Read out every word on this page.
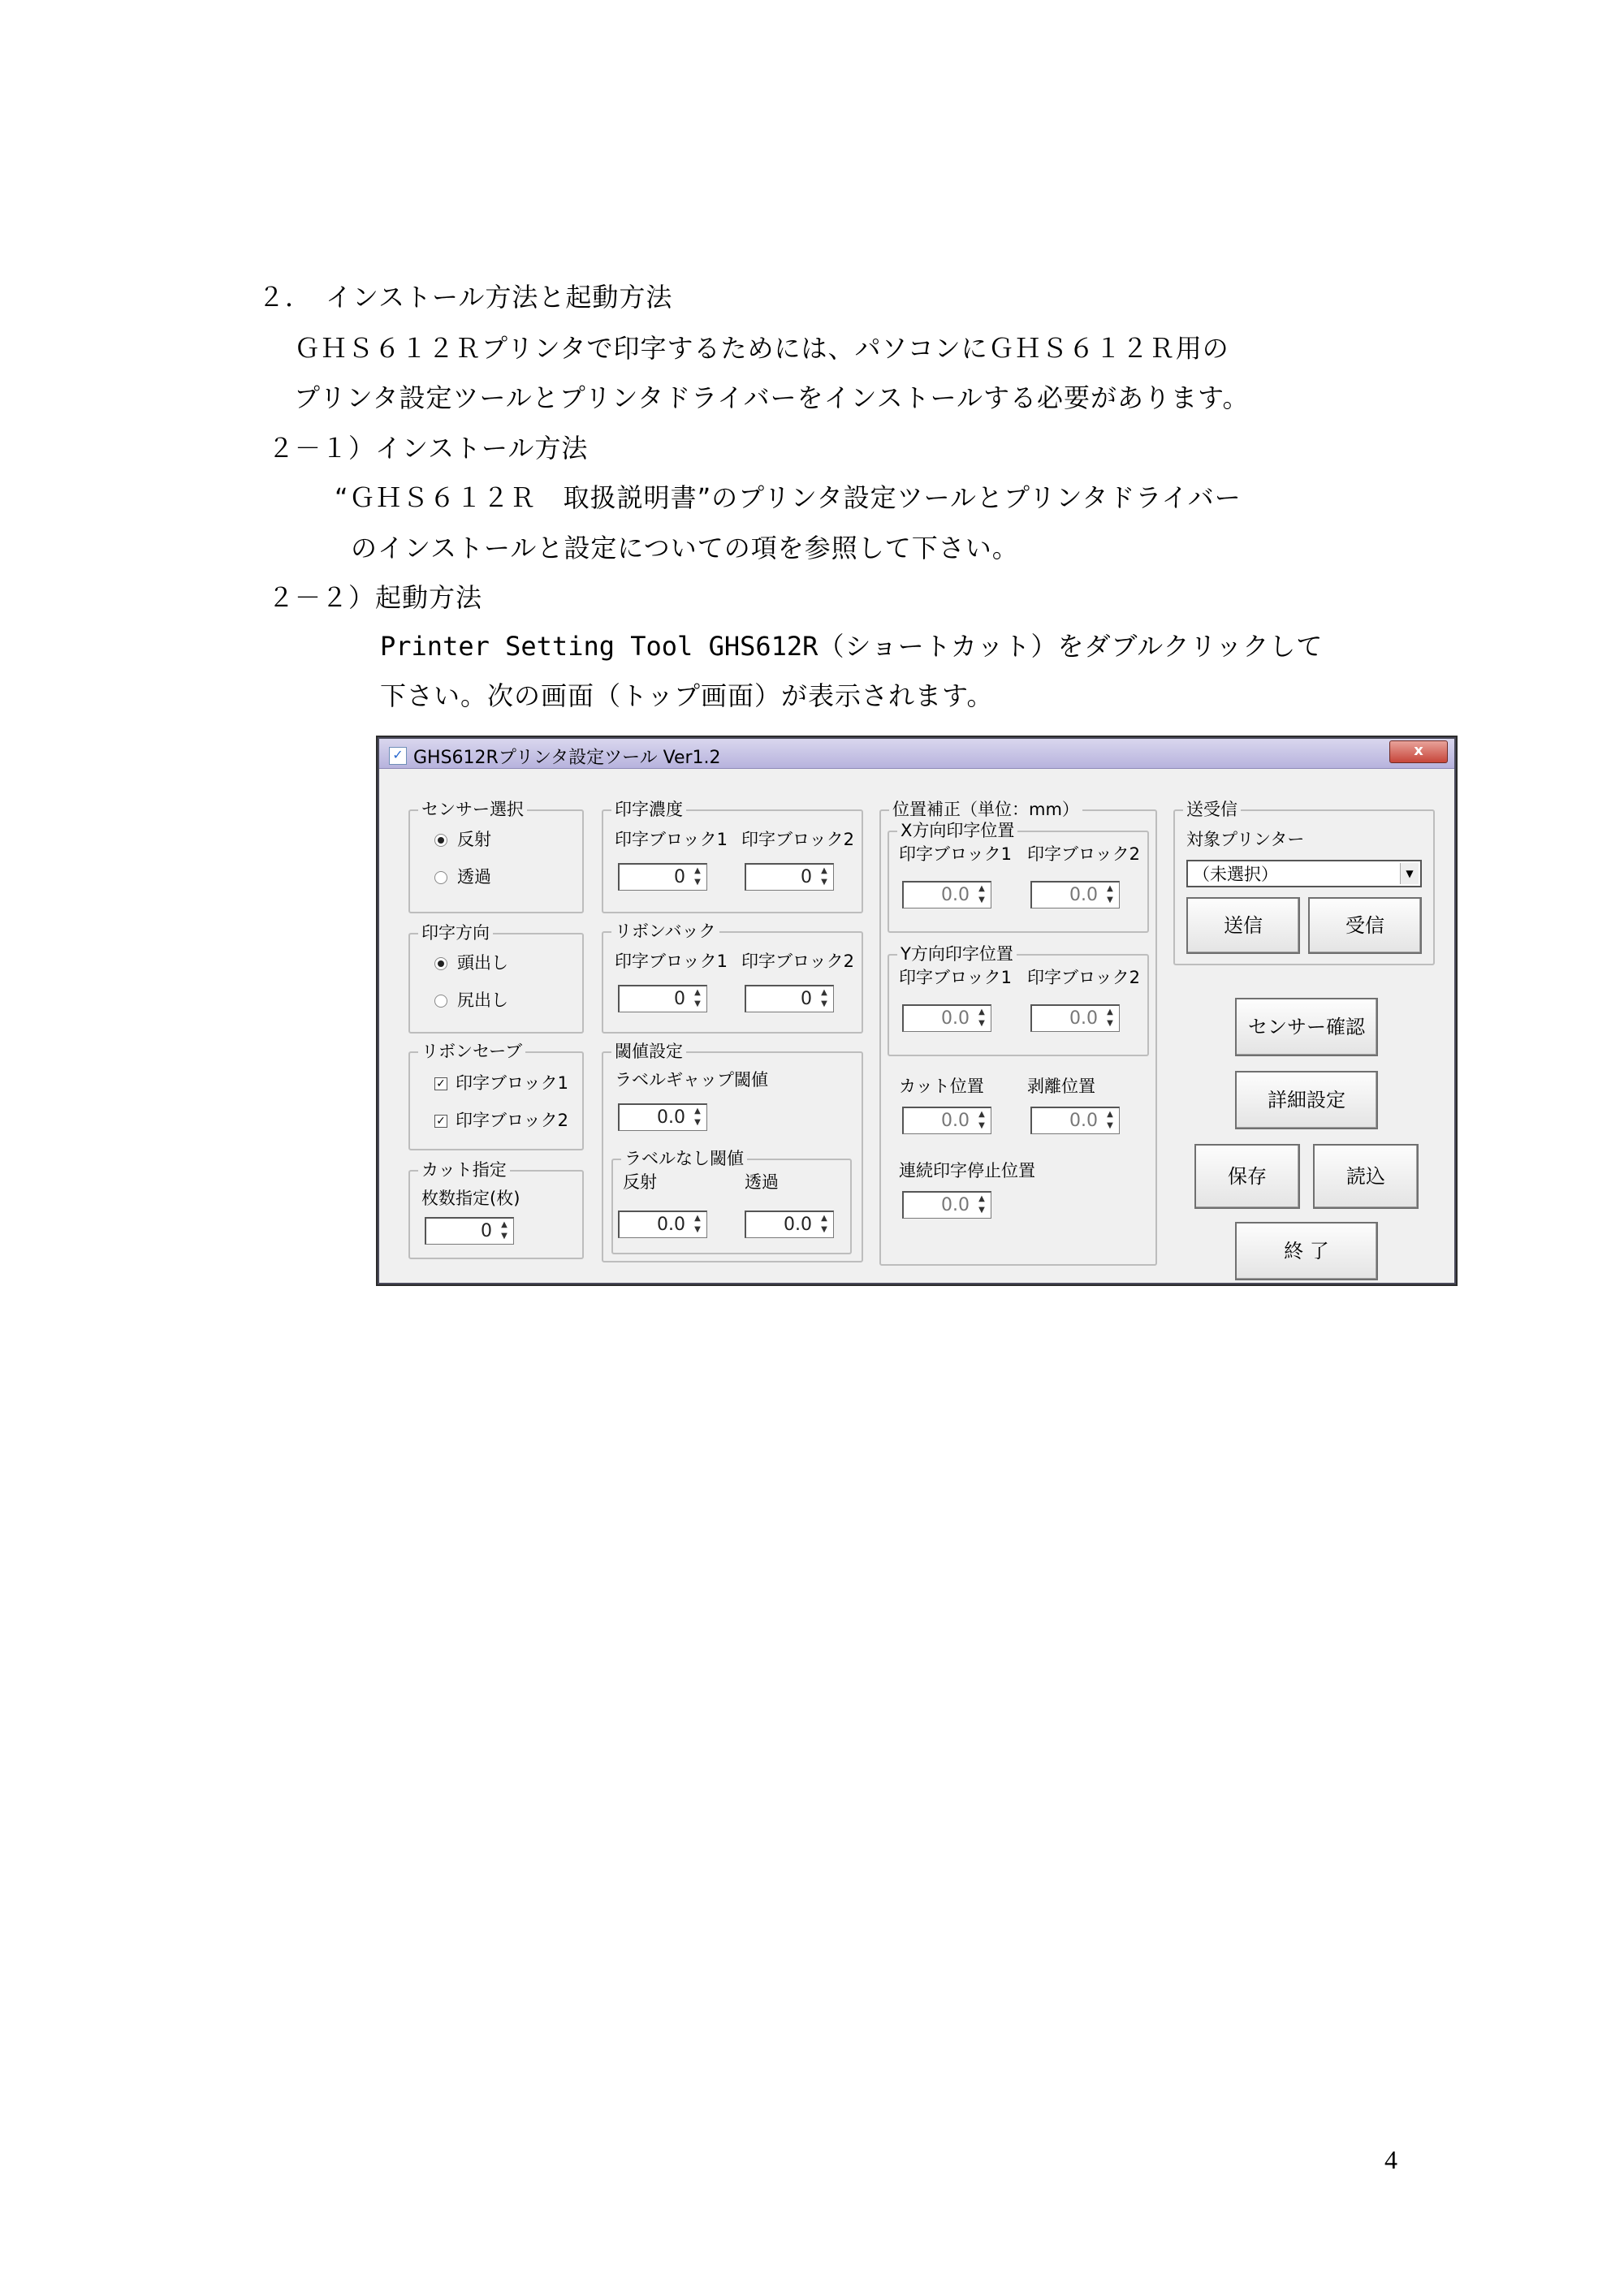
２．　インストール方法と起動方法
ＧＨＳ６１２Ｒプリンタで印字するためには、パソコンにＧＨＳ６１２Ｒ用の
プリンタ設定ツールとプリンタドライバーをインストールする必要があります。
２－１）インストール方法
“ＧＨＳ６１２Ｒ　取扱説明書”のプリンタ設定ツールとプリンタドライバー
のインストールと設定についての項を参照して下さい。
２－２）起動方法
Printer Setting Tool GHS612R（ショートカット）をダブルクリックして
下さい。次の画面（トップ画面）が表示されます。
✓ GHS612Rプリンタ設定ツール Ver1.2	x
センサー選択
反射
透過
印字方向
頭出し
尻出し
リボンセーブ
✓ 印字ブロック1
✓ 印字ブロック2
カット指定
枚数指定(枚)
0	▲
▼
印字濃度
印字ブロック1 印字ブロック2
0	▲
▼	0	▲
▼
リボンバック
印字ブロック1 印字ブロック2
0	▲
▼	0	▲
▼
閾値設定
ラベルギャップ閾値
0.0	▲
▼
ラベルなし閾値
反射	透過
0.0	▲
▼	0.0	▲
▼
位置補正（単位：mm）
X方向印字位置
印字ブロック1 印字ブロック2
0.0	▲
▼	0.0	▲
▼
Y方向印字位置
印字ブロック1 印字ブロック2
0.0	▲
▼	0.0	▲
▼
カット位置	剥離位置
0.0	▲
▼	0.0	▲
▼
連続印字停止位置
0.0	▲
▼
送受信
対象プリンター
（未選択）	▼
送信	受信
センサー確認
詳細設定
保存	読込
終 了
4
